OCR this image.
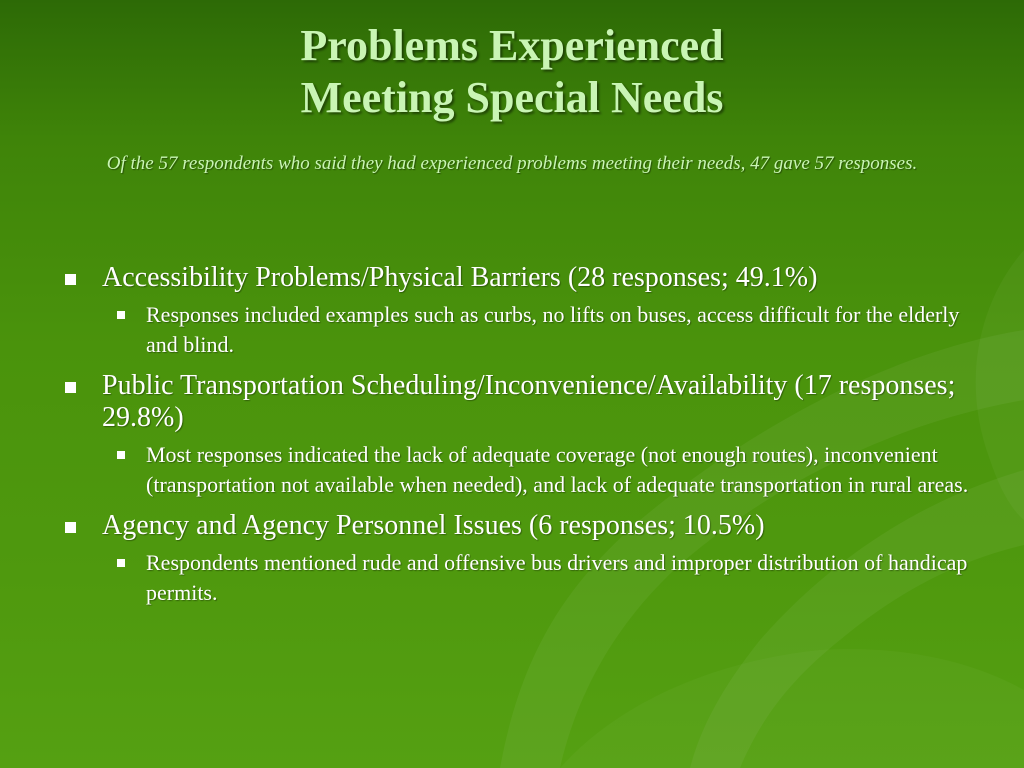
Problems Experienced
Meeting Special Needs
Of the 57 respondents who said they had experienced problems meeting their needs, 47 gave 57 responses.
Accessibility Problems/Physical Barriers (28 responses; 49.1%)
Responses included examples such as curbs, no lifts on buses, access difficult for the elderly and blind.
Public Transportation Scheduling/Inconvenience/Availability (17 responses; 29.8%)
Most responses indicated the lack of adequate coverage (not enough routes), inconvenient (transportation not available when needed), and lack of adequate transportation in rural areas.
Agency and Agency Personnel Issues (6 responses; 10.5%)
Respondents mentioned rude and offensive bus drivers and improper distribution of handicap permits.
